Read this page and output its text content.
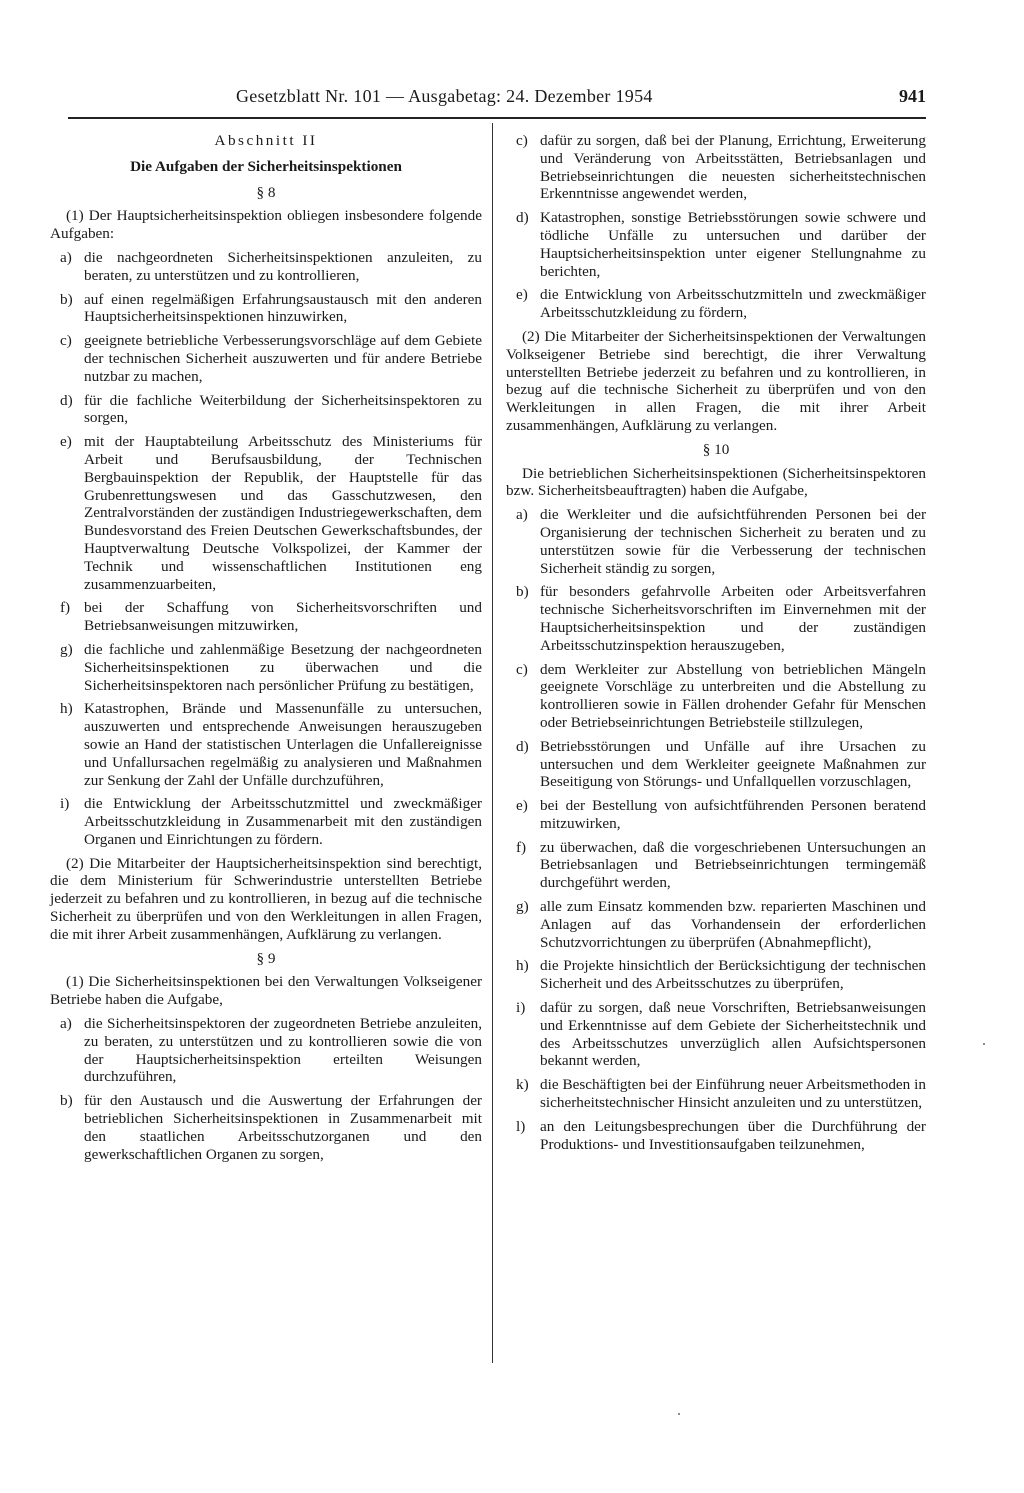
Gesetzblatt Nr. 101 — Ausgabetag: 24. Dezember 1954	941

Abschnitt II

Die Aufgaben der Sicherheitsinspektionen

§ 8

(1) Der Hauptsicherheitsinspektion obliegen insbesondere folgende Aufgaben:

a) die nachgeordneten Sicherheitsinspektionen anzuleiten, zu beraten, zu unterstützen und zu kontrollieren,
b) auf einen regelmäßigen Erfahrungsaustausch mit den anderen Hauptsicherheitsinspektionen hinzuwirken,
c) geeignete betriebliche Verbesserungsvorschläge auf dem Gebiete der technischen Sicherheit auszuwerten und für andere Betriebe nutzbar zu machen,
d) für die fachliche Weiterbildung der Sicherheitsinspektoren zu sorgen,
e) mit der Hauptabteilung Arbeitsschutz des Ministeriums für Arbeit und Berufsausbildung, der Technischen Bergbauinspektion der Republik, der Hauptstelle für das Grubenrettungswesen und das Gasschutzwesen, den Zentralvorständen der zuständigen Industriegewerkschaften, dem Bundesvorstand des Freien Deutschen Gewerkschaftsbundes, der Hauptverwaltung Deutsche Volkspolizei, der Kammer der Technik und wissenschaftlichen Institutionen eng zusammenzuarbeiten,
f) bei der Schaffung von Sicherheitsvorschriften und Betriebsanweisungen mitzuwirken,
g) die fachliche und zahlenmäßige Besetzung der nachgeordneten Sicherheitsinspektionen zu überwachen und die Sicherheitsinspektoren nach persönlicher Prüfung zu bestätigen,
h) Katastrophen, Brände und Massenunfälle zu untersuchen, auszuwerten und entsprechende Anweisungen herauszugeben sowie an Hand der statistischen Unterlagen die Unfallereignisse und Unfallursachen regelmäßig zu analysieren und Maßnahmen zur Senkung der Zahl der Unfälle durchzuführen,
i) die Entwicklung der Arbeitsschutzmittel und zweckmäßiger Arbeitsschutzkleidung in Zusammenarbeit mit den zuständigen Organen und Einrichtungen zu fördern.

(2) Die Mitarbeiter der Hauptsicherheitsinspektion sind berechtigt, die dem Ministerium für Schwerindustrie unterstellten Betriebe jederzeit zu befahren und zu kontrollieren, in bezug auf die technische Sicherheit zu überprüfen und von den Werkleitungen in allen Fragen, die mit ihrer Arbeit zusammenhängen, Aufklärung zu verlangen.

§ 9

(1) Die Sicherheitsinspektionen bei den Verwaltungen Volkseigener Betriebe haben die Aufgabe,

a) die Sicherheitsinspektoren der zugeordneten Betriebe anzuleiten, zu beraten, zu unterstützen und zu kontrollieren sowie die von der Hauptsicherheitsinspektion erteilten Weisungen durchzuführen,
b) für den Austausch und die Auswertung der Erfahrungen der betrieblichen Sicherheitsinspektionen in Zusammenarbeit mit den staatlichen Arbeitsschutzorganen und den gewerkschaftlichen Organen zu sorgen,
c) dafür zu sorgen, daß bei der Planung, Errichtung, Erweiterung und Veränderung von Arbeitsstätten, Betriebsanlagen und Betriebseinrichtungen die neuesten sicherheitstechnischen Erkenntnisse angewendet werden,
d) Katastrophen, sonstige Betriebsstörungen sowie schwere und tödliche Unfälle zu untersuchen und darüber der Hauptsicherheitsinspektion unter eigener Stellungnahme zu berichten,
e) die Entwicklung von Arbeitsschutzmitteln und zweckmäßiger Arbeitsschutzkleidung zu fördern,

(2) Die Mitarbeiter der Sicherheitsinspektionen der Verwaltungen Volkseigener Betriebe sind berechtigt, die ihrer Verwaltung unterstellten Betriebe jederzeit zu befahren und zu kontrollieren, in bezug auf die technische Sicherheit zu überprüfen und von den Werkleitungen in allen Fragen, die mit ihrer Arbeit zusammenhängen, Aufklärung zu verlangen.

§ 10

Die betrieblichen Sicherheitsinspektionen (Sicherheitsinspektoren bzw. Sicherheitsbeauftragten) haben die Aufgabe,

a) die Werkleiter und die aufsichtführenden Personen bei der Organisierung der technischen Sicherheit zu beraten und zu unterstützen sowie für die Verbesserung der technischen Sicherheit ständig zu sorgen,
b) für besonders gefahrvolle Arbeiten oder Arbeitsverfahren technische Sicherheitsvorschriften im Einvernehmen mit der Hauptsicherheitsinspektion und der zuständigen Arbeitsschutzinspektion herauszugeben,
c) dem Werkleiter zur Abstellung von betrieblichen Mängeln geeignete Vorschläge zu unterbreiten und die Abstellung zu kontrollieren sowie in Fällen drohender Gefahr für Menschen oder Betriebseinrichtungen Betriebsteile stillzulegen,
d) Betriebsstörungen und Unfälle auf ihre Ursachen zu untersuchen und dem Werkleiter geeignete Maßnahmen zur Beseitigung von Störungs- und Unfallquellen vorzuschlagen,
e) bei der Bestellung von aufsichtführenden Personen beratend mitzuwirken,
f) zu überwachen, daß die vorgeschriebenen Untersuchungen an Betriebsanlagen und Betriebseinrichtungen termingemäß durchgeführt werden,
g) alle zum Einsatz kommenden bzw. reparierten Maschinen und Anlagen auf das Vorhandensein der erforderlichen Schutzvorrichtungen zu überprüfen (Abnahmepflicht),
h) die Projekte hinsichtlich der Berücksichtigung der technischen Sicherheit und des Arbeitsschutzes zu überprüfen,
i) dafür zu sorgen, daß neue Vorschriften, Betriebsanweisungen und Erkenntnisse auf dem Gebiete der Sicherheitstechnik und des Arbeitsschutzes unverzüglich allen Aufsichtspersonen bekannt werden,
k) die Beschäftigten bei der Einführung neuer Arbeitsmethoden in sicherheitstechnischer Hinsicht anzuleiten und zu unterstützen,
l) an den Leitungsbesprechungen über die Durchführung der Produktions- und Investitionsaufgaben teilzunehmen,
